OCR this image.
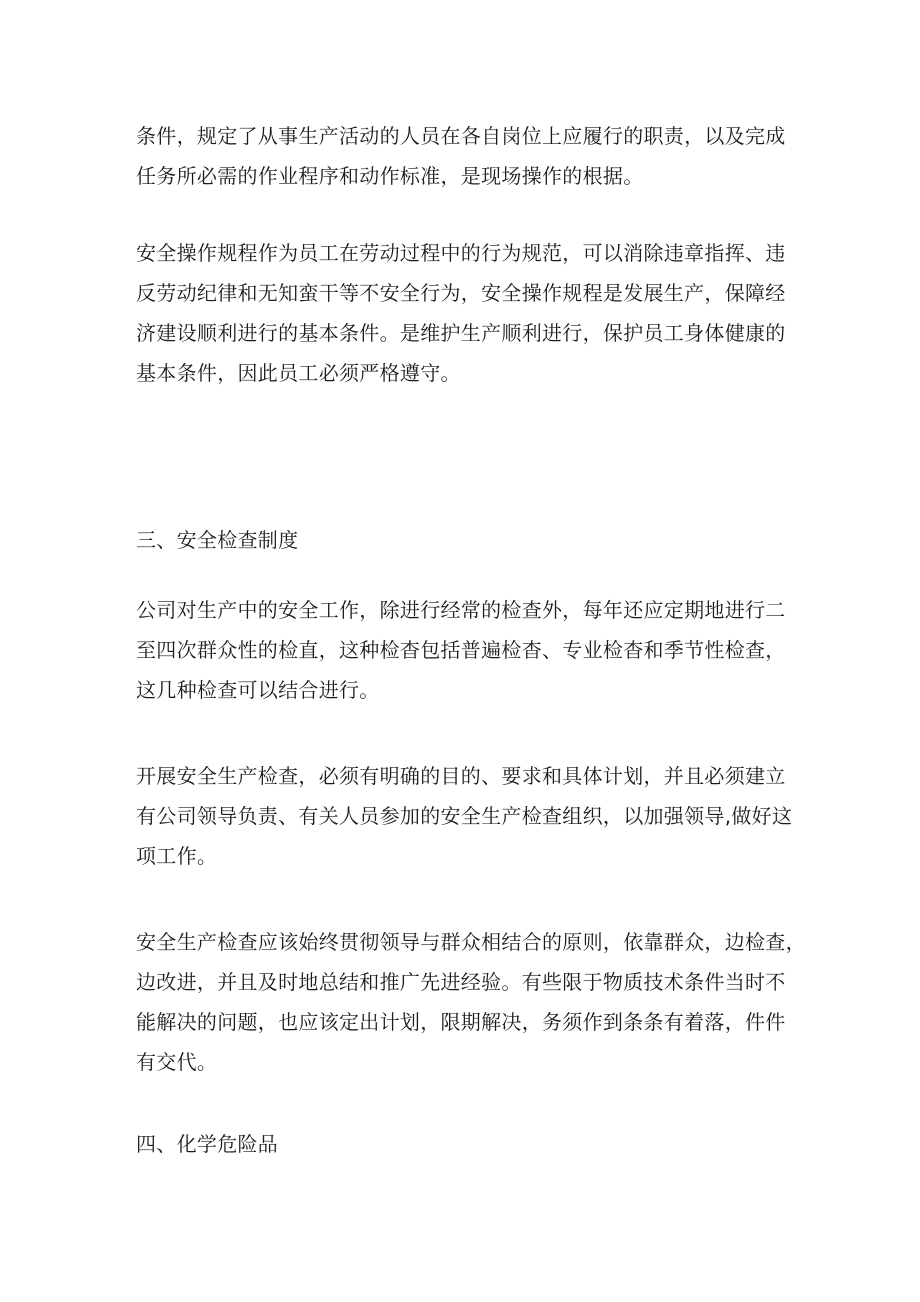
条件，规定了从事生产活动的人员在各自岗位上应履行的职责，以及完成
任务所必需的作业程序和动作标准，是现场操作的根据。
安全操作规程作为员工在劳动过程中的行为规范，可以消除违章指挥、违
反劳动纪律和无知蛮干等不安全行为，安全操作规程是发展生产，保障经
济建设顺利进行的基本条件。是维护生产顺利进行，保护员工身体健康的
基本条件，因此员工必须严格遵守。
三、安全检查制度
公司对生产中的安全工作，除进行经常的检查外，每年还应定期地进行二
至四次群众性的检直，这种检杳包括普遍检杳、专业检杳和季节性检查，
这几种检查可以结合进行。
开展安全生产检查，必须有明确的目的、要求和具体计划，并且必须建立
有公司领导负责、有关人员参加的安全生产检查组织，以加强领导,做好这
项工作。
安全生产检查应该始终贯彻领导与群众相结合的原则，依靠群众，边检查，
边改进，并且及时地总结和推广先进经验。有些限于物质技术条件当时不
能解决的问题，也应该定出计划，限期解决，务须作到条条有着落，件件
有交代。
四、化学危险品
